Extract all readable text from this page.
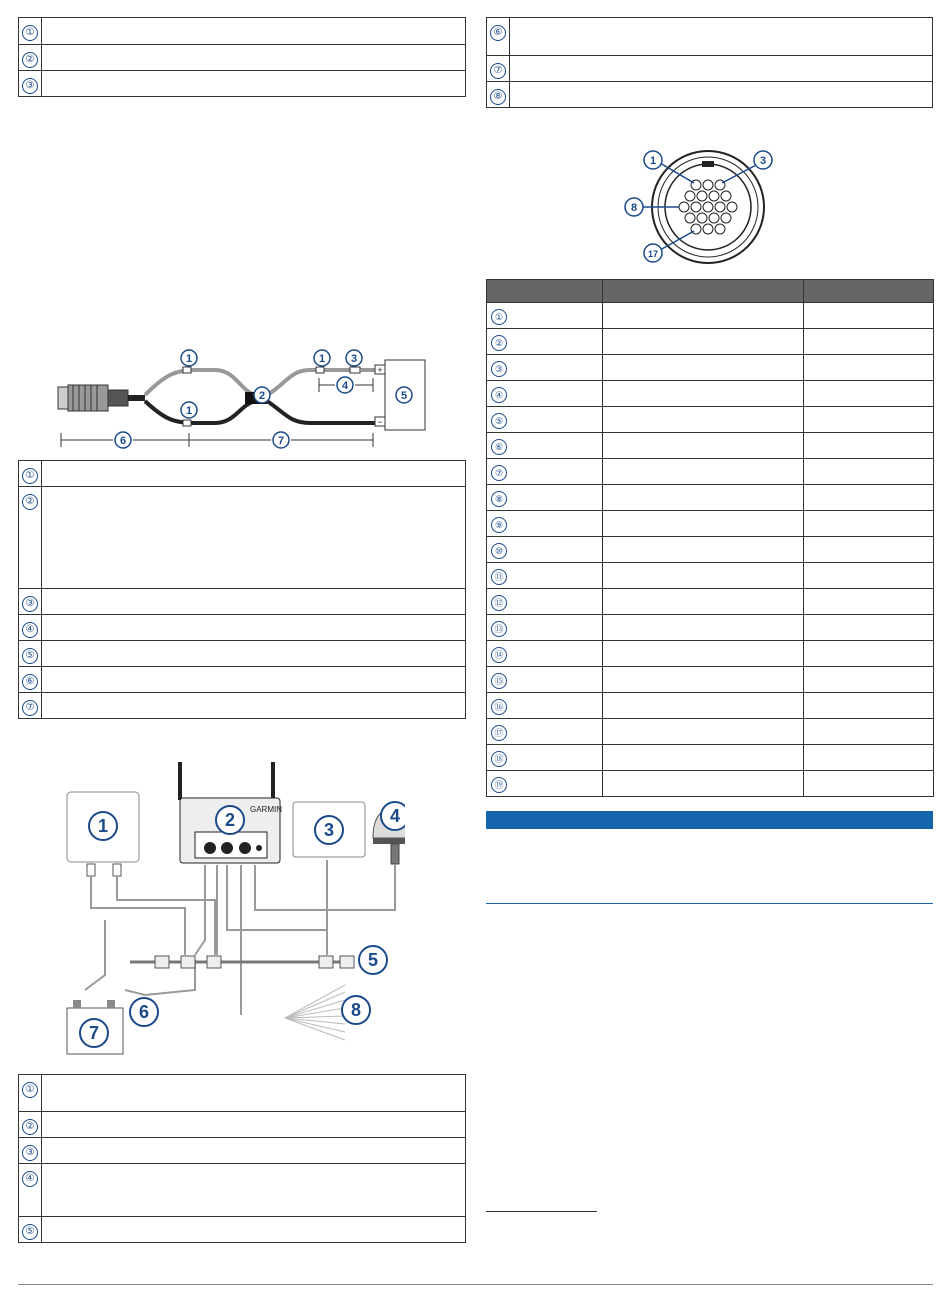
①	
②	
③	
⑥	
⑦	
⑧	
+
−
1
1
2
1 3
4
5
6	7
①	
②	
③	
④	
⑤	
⑥	
⑦	
GARMIN
1	2	3
4
5
6
7
8
①	
②	
③	
④	
⑤	
1	3
8
17

①		
②		
③		
④		
⑤		
⑥		
⑦		
⑧		
⑨		
⑩		
⑪		
⑫		
⑬		
⑭		
⑮		
⑯		
⑰		
⑱		
⑲		
